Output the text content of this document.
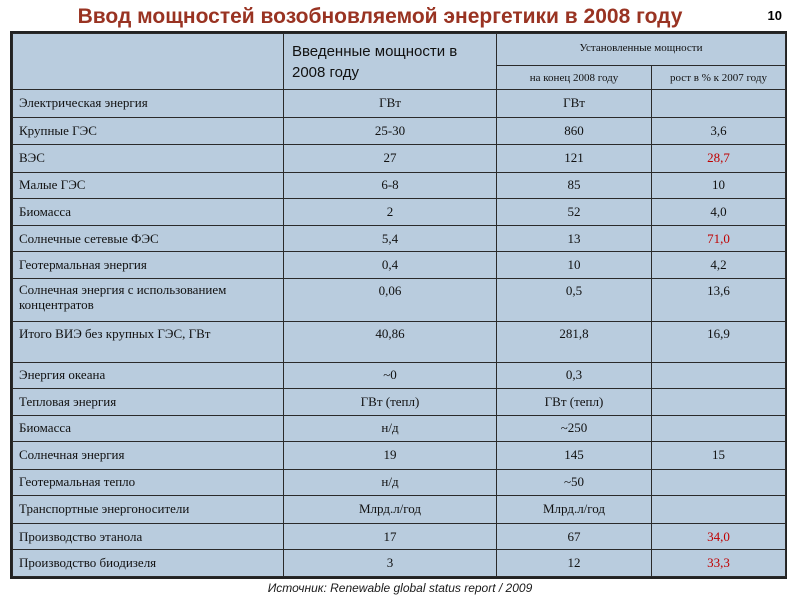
Ввод мощностей возобновляемой энергетики в 2008 году	10
	Введенные мощности в 2008 году	Установленные мощности	
		на конец 2008 году	рост в % к 2007 году
Электрическая энергия	ГВт	ГВт	
Крупные ГЭС	25-30	860	3,6
ВЭС	27	121	28,7
Малые ГЭС	6-8	85	10
Биомасса	2	52	4,0
Солнечные сетевые ФЭС	5,4	13	71,0
Геотермальная энергия	0,4	10	4,2
Солнечная энергия с использованием концентратов	0,06	0,5	13,6
Итого ВИЭ без крупных ГЭС, ГВт	40,86	281,8	16,9
Энергия океана	~0	0,3	
Тепловая энергия	ГВт (тепл)	ГВт (тепл)	
Биомасса	н/д	~250	
Солнечная энергия	19	145	15
Геотермальная тепло	н/д	~50	
Транспортные энергоносители	Млрд.л/год	Млрд.л/год	
Производство этанола	17	67	34,0
Производство биодизеля	3	12	33,3
Источник: Renewable global status report / 2009
